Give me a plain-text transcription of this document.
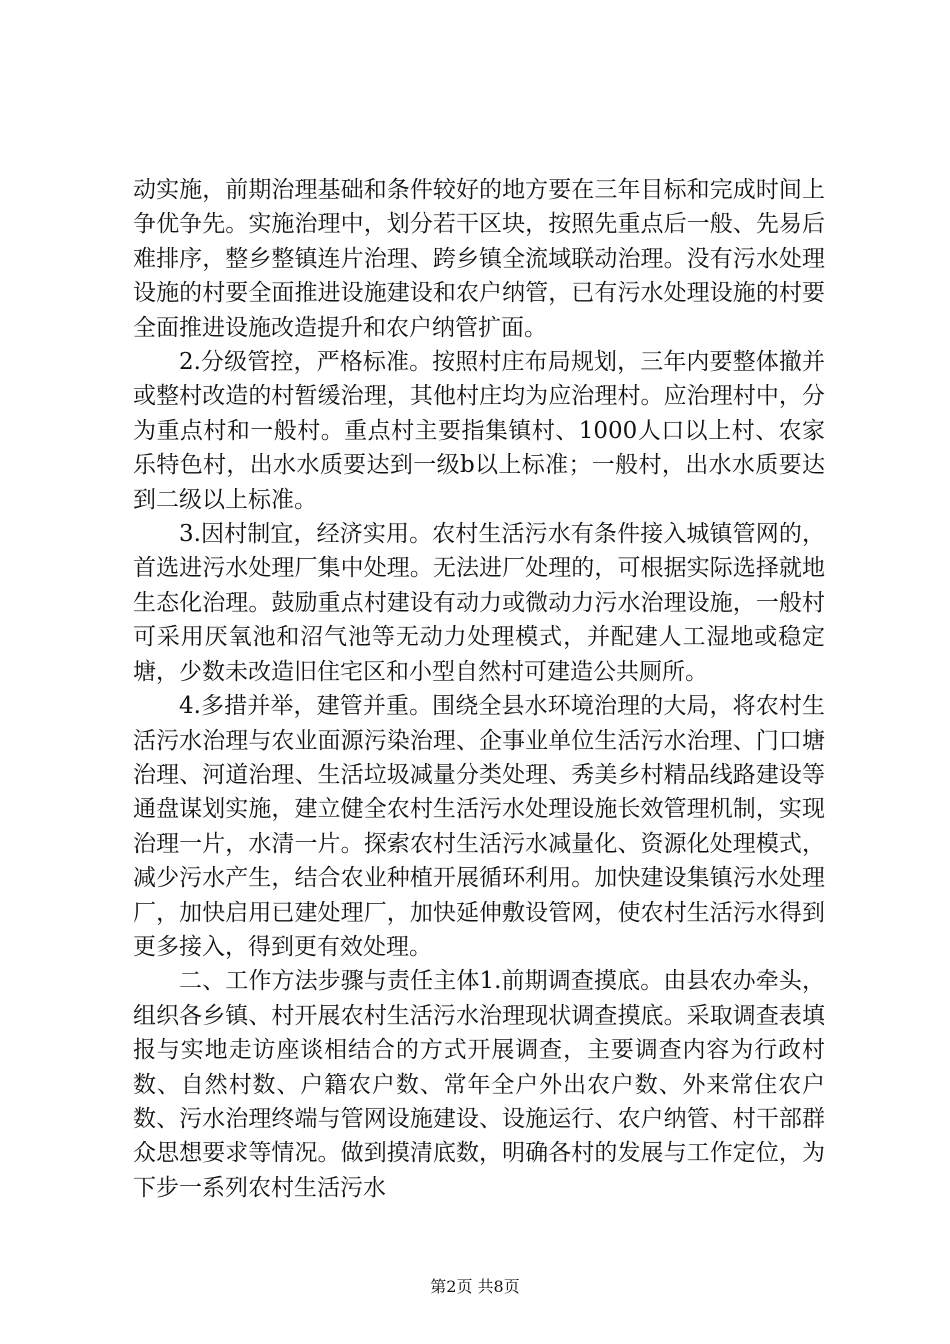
动实施，前期治理基础和条件较好的地方要在三年目标和完成时间上争优争先。实施治理中，划分若干区块，按照先重点后一般、先易后难排序，整乡整镇连片治理、跨乡镇全流域联动治理。没有污水处理设施的村要全面推进设施建设和农户纳管，已有污水处理设施的村要全面推进设施改造提升和农户纳管扩面。

2.分级管控，严格标准。按照村庄布局规划，三年内要整体撤并或整村改造的村暂缓治理，其他村庄均为应治理村。应治理村中，分为重点村和一般村。重点村主要指集镇村、1000人口以上村、农家乐特色村，出水水质要达到一级b以上标准；一般村，出水水质要达到二级以上标准。

3.因村制宜，经济实用。农村生活污水有条件接入城镇管网的，首选进污水处理厂集中处理。无法进厂处理的，可根据实际选择就地生态化治理。鼓励重点村建设有动力或微动力污水治理设施，一般村可采用厌氧池和沼气池等无动力处理模式，并配建人工湿地或稳定塘，少数未改造旧住宅区和小型自然村可建造公共厕所。

4.多措并举，建管并重。围绕全县水环境治理的大局，将农村生活污水治理与农业面源污染治理、企事业单位生活污水治理、门口塘治理、河道治理、生活垃圾减量分类处理、秀美乡村精品线路建设等通盘谋划实施，建立健全农村生活污水处理设施长效管理机制，实现治理一片，水清一片。探索农村生活污水减量化、资源化处理模式，减少污水产生，结合农业种植开展循环利用。加快建设集镇污水处理厂，加快启用已建处理厂，加快延伸敷设管网，使农村生活污水得到更多接入，得到更有效处理。

二、工作方法步骤与责任主体1.前期调查摸底。由县农办牵头，组织各乡镇、村开展农村生活污水治理现状调查摸底。采取调查表填报与实地走访座谈相结合的方式开展调查，主要调查内容为行政村数、自然村数、户籍农户数、常年全户外出农户数、外来常住农户数、污水治理终端与管网设施建设、设施运行、农户纳管、村干部群众思想要求等情况。做到摸清底数，明确各村的发展与工作定位，为下步一系列农村生活污水

第2页 共8页
